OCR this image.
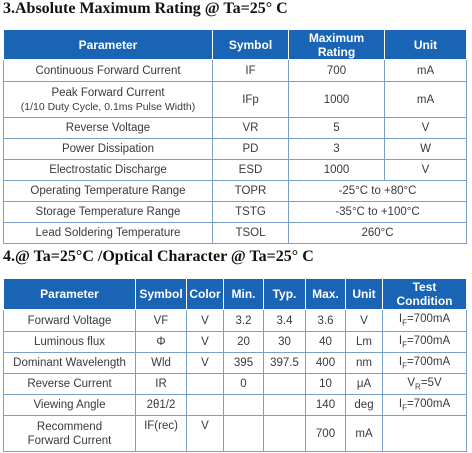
3.Absolute Maximum Rating @ Ta=25° C
Parameter	Symbol	Maximum Rating	Unit
Continuous Forward Current	IF	700	mA

Peak Forward Current
(1/10 Duty Cycle, 0.1ms Pulse Width)	IFp	1000	mA
Reverse Voltage	VR	5	V
Power Dissipation	PD	3	W
Electrostatic Discharge	ESD	1000	V
Operating Temperature Range	TOPR	-25°C to +80°C	
Storage Temperature Range	TSTG	-35°C to +100°C	
Lead Soldering Temperature	TSOL	260°C	
4.@ Ta=25°C /Optical Character @ Ta=25° C
Parameter	Symbol	Color	Min.	Typ.	Max.	Unit	Test Condition
Forward Voltage	VF	V	3.2	3.4	3.6	V	$I_F=700mA$
Luminous flux	Φ	V	20	30	40	Lm	$I_F=700mA$
Dominant Wavelength	Wld	V	395	397.5	400	nm	$I_F=700mA$
Reverse Current	IR		0		10	μA	$V_R=5V$
Viewing Angle	2θ1/2				140	deg	$I_F=700mA$
Recommend Forward Current	IF(rec)	V			700	mA	
